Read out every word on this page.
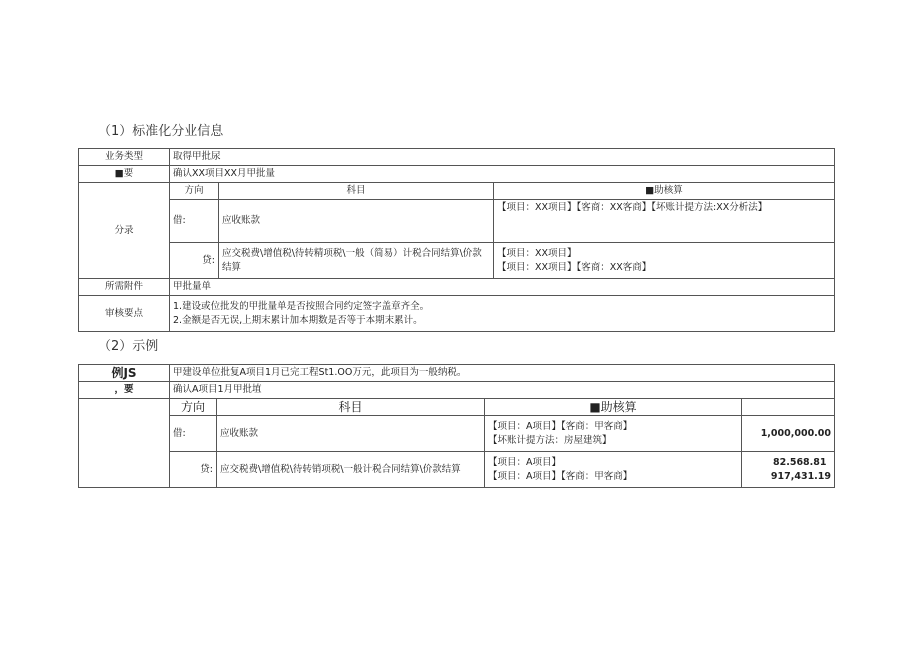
（1）标准化分业信息
业务类型	取得甲批尿		
■要	确认XX项目XX月甲批量		
分录	方向	科目	■助核算
	借:	应收账款	【项目：XX项目】【客商：XX客商】【坏账计提方法:XX分析法】
	贷:	应交税费\增值税\待转精项税\一般（简易）计税合同结算\价款结算	【项目：XX项目】
【项目：XX项目】【客商：XX客商】

所需附件	甲批量单		
审核要点	1.建设或位批发的甲批量单是否按照合同约定签字盖章齐全。
2.金额是否无误,上期末累计加本期数是否等于本期末累计。		
（2）示例
例JS	甲建设单位批复A项目1月已完工程St1.OO万元，此项目为一般纳税。			
，要	确认A项目1月甲批埴			
	方向	科目	■助核算	
	借:	应收账款	【项目：A项目】【客商：甲客商】
【坏账计提方法：房屋建筑】	1,000,000.00
	贷:	应交税费\增值税\待转销项税\一般计税合同结算\价款结算	【项目：A项目】
【项目：A项目】【客商：甲客商】	82.568.81
917,431.19
